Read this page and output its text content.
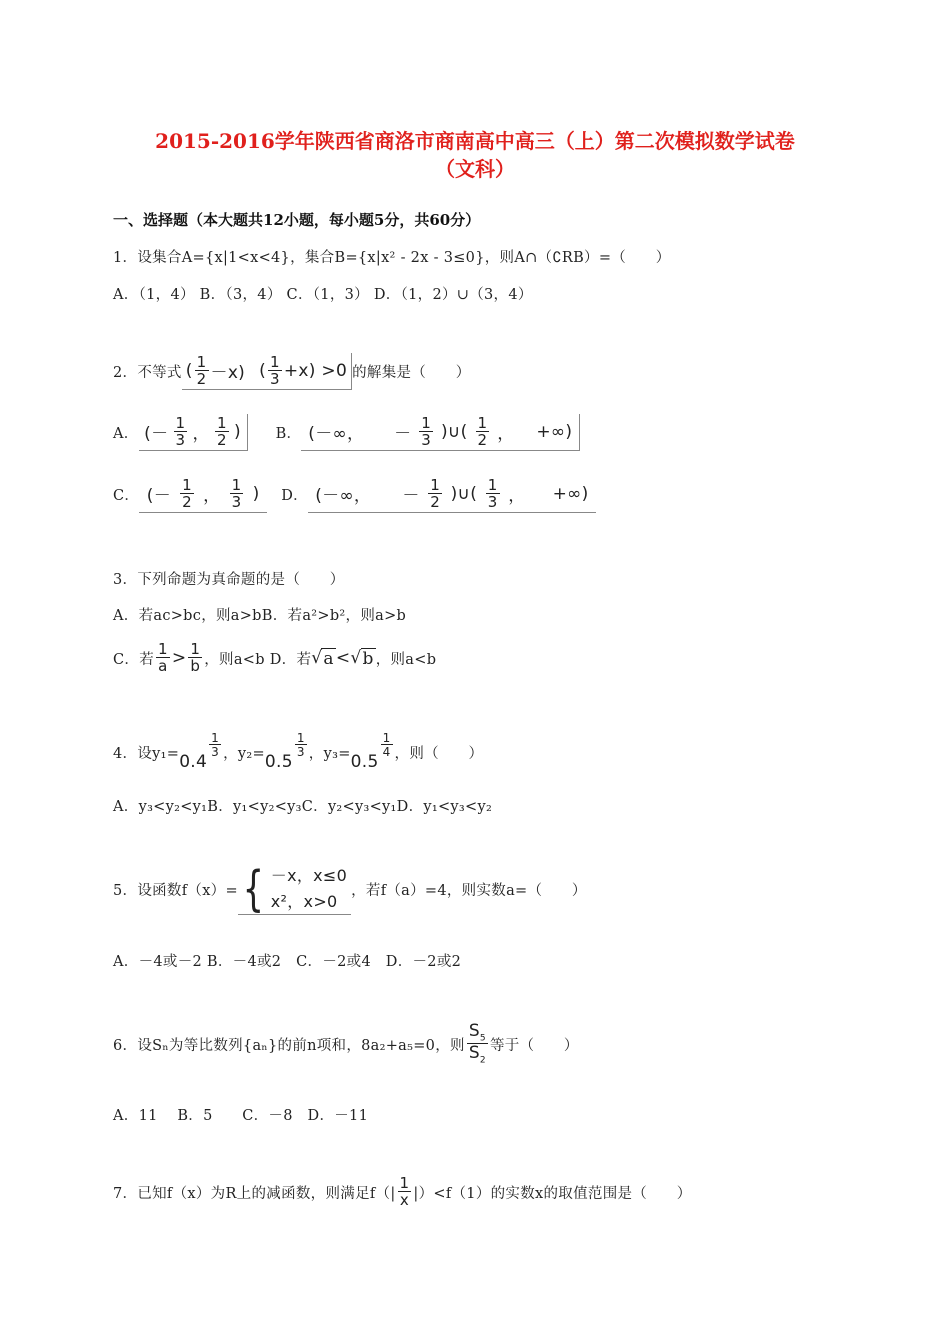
2015-2016学年陕西省商洛市商南高中高三（上）第二次模拟数学试卷
（文科）
一、选择题（本大题共12小题，每小题5分，共60分）
1．设集合A={x|1<x<4}，集合B={x|x² - 2x - 3≤0}，则A∩（∁RB）=（　　）
A．（1，4） B．（3，4） C．（1，3） D．（1，2）∪（3，4）
2．不等式 ( $\frac{1}{2} -x$)
( $\frac{1}{3} +x) >0$ 的解集是（　　）
A． (－ $\frac{1}{3}$ ， $\frac{1}{2}$ )	B． (－∞， － $\frac{1}{3}$ )∪( $\frac{1}{2}$ ， +∞)
C． (－ $\frac{1}{2}$ ， $\frac{1}{3}$ )	D． (－∞， － $\frac{1}{2}$ )∪( $\frac{1}{3}$ ， +∞)
3．下列命题为真命题的是（　　）
A．若ac>bc，则a>bB．若a²>b²，则a>b
C．若 $\frac{1}{a} > \frac{1}{b}$ ，则a<b D．若 √ a <√ b ，则a<b
4．设y₁= 0.4
$\frac{1}{3}$ ，y₂= 0.5
$\frac{1}{3}$ ，y₃= 0.5
$\frac{1}{4}$ ，则（　　）
A．y₃<y₂<y₁B．y₁<y₂<y₃C．y₂<y₃<y₁D．y₁<y₃<y₂
5．设函数f（x）= { －x，x≤0
x²，x>0
，若f（a）=4，则实数a=（　　）
A．－4或－2 B．－4或2　C．－2或4　D．－2或2
6．设Sₙ为等比数列{aₙ}的前n项和，8a₂+a₅=0，则 $\frac{S_5}{S_2}$ 等于（　　）
A．11　 B．5　　C．－8　D．－11
7．已知f（x）为R上的减函数，则满足$f(| \frac{1}{x} |)<f(1)$的实数x的取值范围是（　　）
